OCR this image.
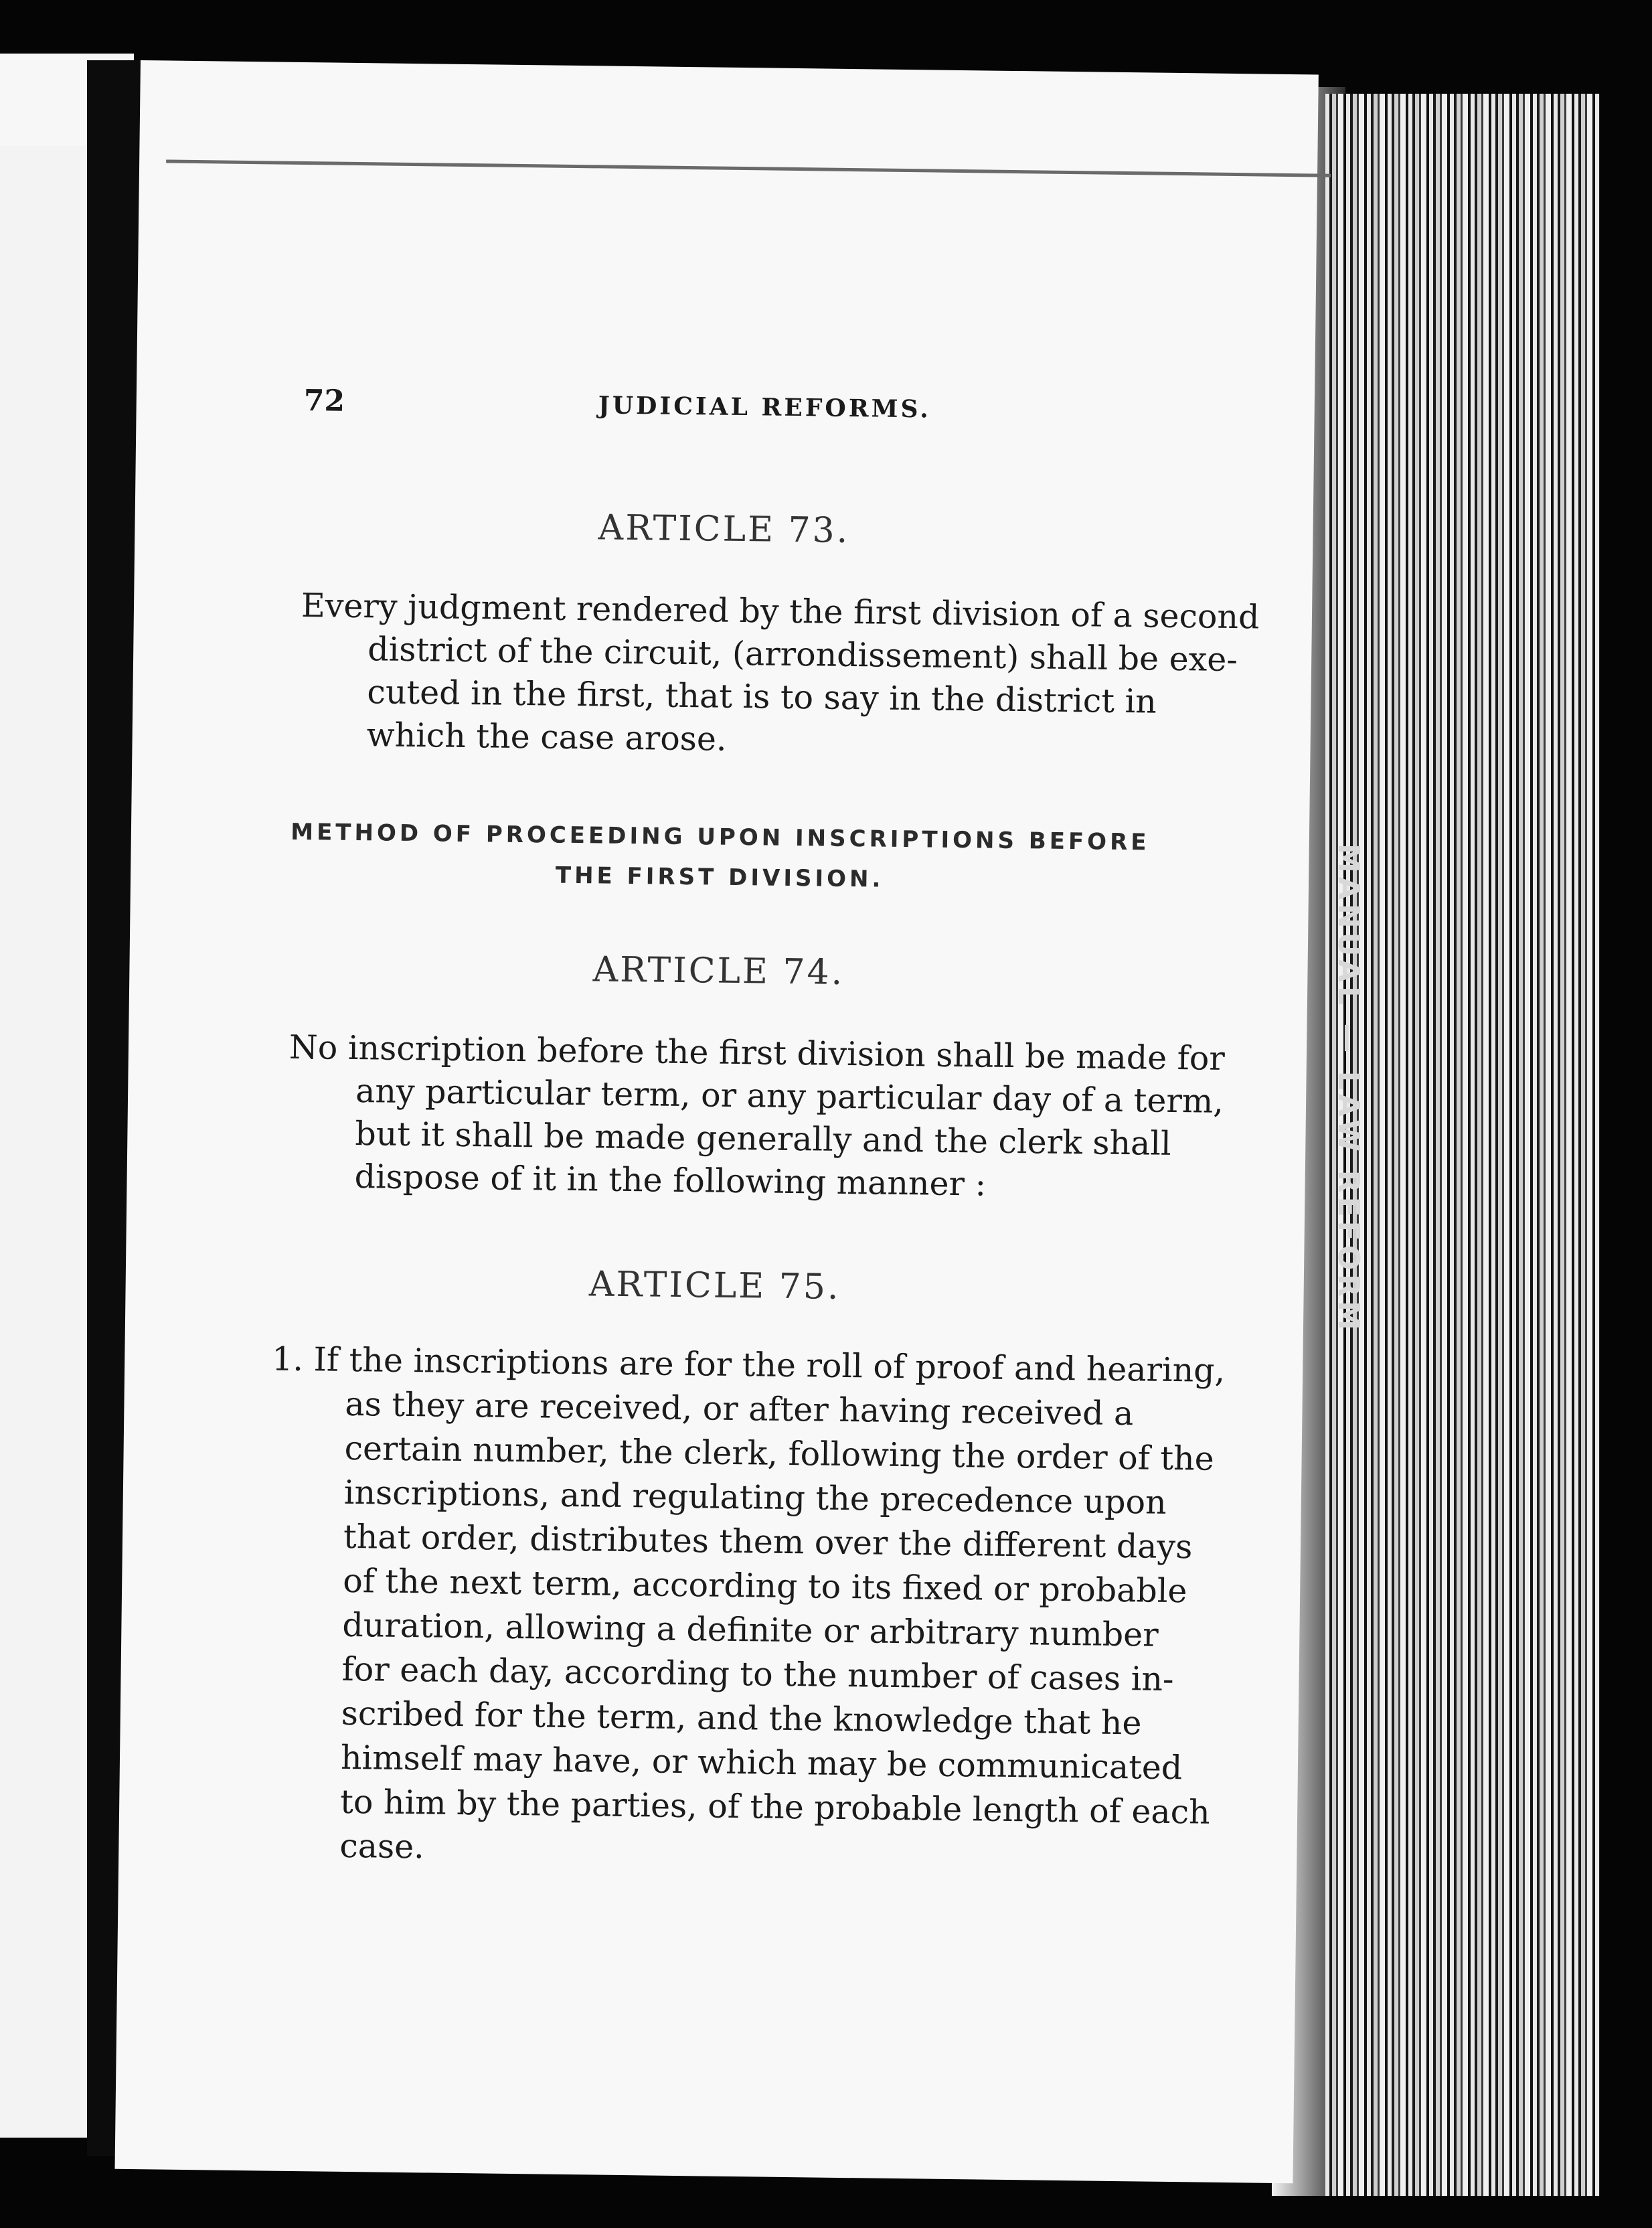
MANUAL — LAW REFORM
72	JUDICIAL REFORMS.
ARTICLE 73.
Every judgment rendered by the first division of a second
district of the circuit, (arrondissement) shall be exe-
cuted in the first, that is to say in the district in
which the case arose.
METHOD OF PROCEEDING UPON INSCRIPTIONS BEFORE
THE FIRST DIVISION.
ARTICLE 74.
No inscription before the first division shall be made for
any particular term, or any particular day of a term,
but it shall be made generally and the clerk shall
dispose of it in the following manner :
ARTICLE 75.
1. If the inscriptions are for the roll of proof and hearing,
as they are received, or after having received a
certain number, the clerk, following the order of the
inscriptions, and regulating the precedence upon
that order, distributes them over the different days
of the next term, according to its fixed or probable
duration, allowing a definite or arbitrary number
for each day, according to the number of cases in-
scribed for the term, and the knowledge that he
himself may have, or which may be communicated
to him by the parties, of the probable length of each
case.
